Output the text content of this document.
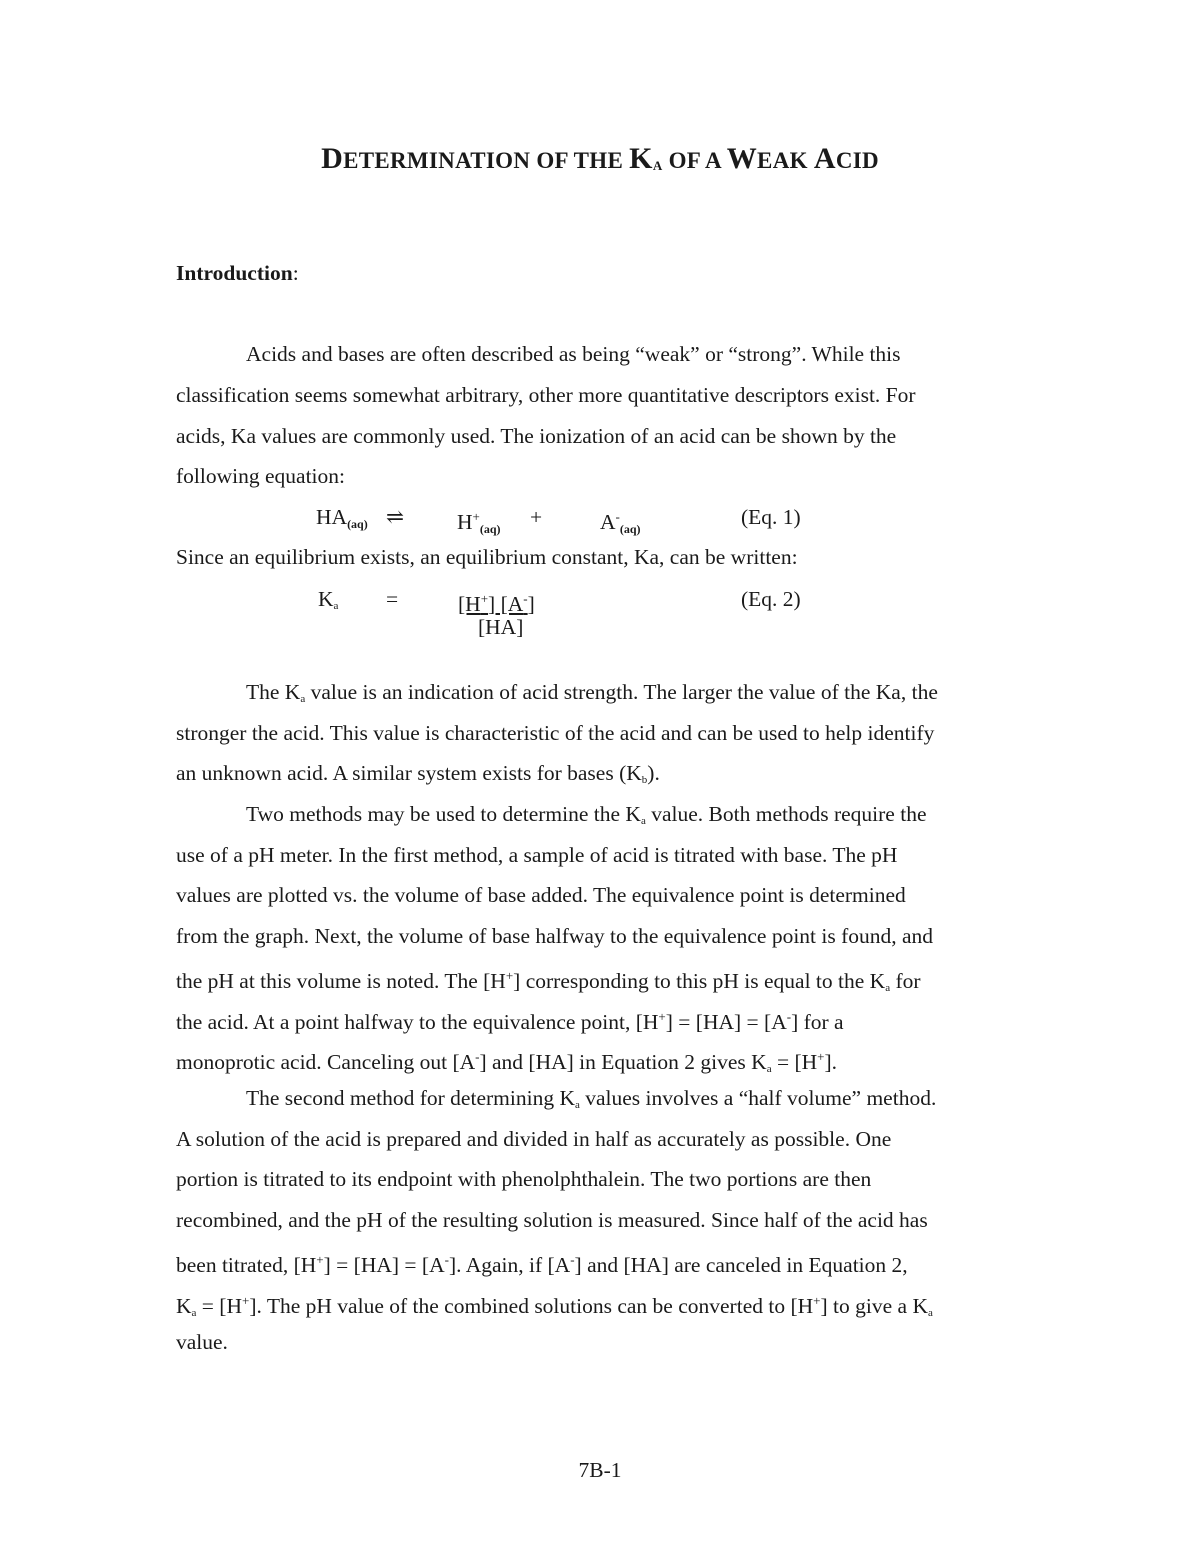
DETERMINATION OF THE $K_A$ OF A WEAK ACID
Introduction:
Acids and bases are often described as being “weak” or “strong”. While this
classification seems somewhat arbitrary, other more quantitative descriptors exist. For
acids, Ka values are commonly used. The ionization of an acid can be shown by the
following equation:
$HA_{(aq)}$ ⇌ $H^+_{(aq)}$ +	$A^-_{(aq)}$	(Eq. 1)
Since an equilibrium exists, an equilibrium constant, Ka, can be written:
$K_a$ =	[H+] [A-]
[HA]
(Eq. 2)
The $K_a$ value is an indication of acid strength. The larger the value of the Ka, the
stronger the acid. This value is characteristic of the acid and can be used to help identify
an unknown acid. A similar system exists for bases $(K_b)$.
Two methods may be used to determine the $K_a$ value. Both methods require the
use of a pH meter. In the first method, a sample of acid is titrated with base. The pH
values are plotted vs. the volume of base added. The equivalence point is determined
from the graph. Next, the volume of base halfway to the equivalence point is found, and
the pH at this volume is noted. The [H+] corresponding to this pH is equal to the $K_a$ for
the acid. At a point halfway to the equivalence point, [H+] = [HA] = [A-] for a
monoprotic acid. Canceling out [A-] and [HA] in Equation 2 gives $K_a = [H^+]$.
The second method for determining $K_a$ values involves a “half volume” method.
A solution of the acid is prepared and divided in half as accurately as possible. One
portion is titrated to its endpoint with phenolphthalein. The two portions are then
recombined, and the pH of the resulting solution is measured. Since half of the acid has
been titrated, [H+] = [HA] = [A-]. Again, if [A-] and [HA] are canceled in Equation 2,
$K_a = [H^+]$. The pH value of the combined solutions can be converted to [H+] to give a $K_a$
value.
7B-1
